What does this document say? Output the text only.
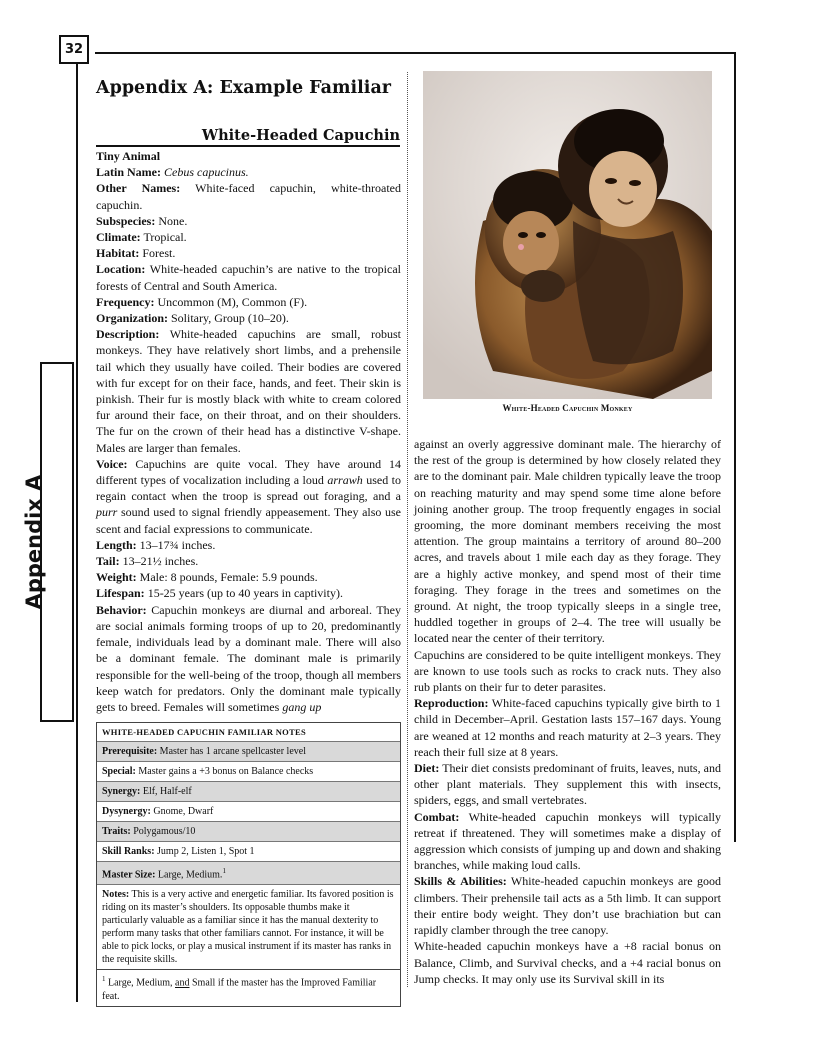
32
Appendix A
Appendix A: Example Familiar
White-Headed Capuchin

Tiny Animal

Latin Name: Cebus capucinus.

Other Names: White-faced capuchin, white-throated capuchin.

Subspecies: None.

Climate: Tropical.

Habitat: Forest.

Location: White-headed capuchin’s are native to the tropical forests of Central and South America.

Frequency: Uncommon (M), Common (F).

Organization: Solitary, Group (10–20).

Description: White-headed capuchins are small, robust monkeys. They have relatively short limbs, and a prehensile tail which they usually have coiled. Their bodies are covered with fur except for on their face, hands, and feet. Their skin is pinkish. Their fur is mostly black with white to cream colored fur around their face, on their throat, and on their shoulders. The fur on the crown of their head has a distinctive V-shape. Males are larger than females.

Voice: Capuchins are quite vocal. They have around 14 different types of vocalization including a loud arrawh used to regain contact when the troop is spread out foraging, and a purr sound used to signal friendly appeasement. They also use scent and facial expressions to communicate.

Length: 13–17¾ inches.

Tail: 13–21½ inches.

Weight: Male: 8 pounds, Female: 5.9 pounds.

Lifespan: 15-25 years (up to 40 years in captivity).

Behavior: Capuchin monkeys are diurnal and arboreal. They are social animals forming troops of up to 20, predominantly female, individuals lead by a dominant male. There will also be a dominant female. The dominant male is primarily responsible for the well-being of the troop, though all members keep watch for predators. Only the dominant male typically gets to breed. Females will sometimes gang up

WHITE-HEADED CAPUCHIN FAMILIAR NOTES
Prerequisite: Master has 1 arcane spellcaster level
Special: Master gains a +3 bonus on Balance checks
Synergy: Elf, Half-elf
Dysynergy: Gnome, Dwarf
Traits: Polygamous/10
Skill Ranks: Jump 2, Listen 1, Spot 1
Master Size: Large, Medium.$^1$
Notes: This is a very active and energetic familiar. Its favored position is riding on its master’s shoulders. Its opposable thumbs make it particularly valuable as a familiar since it has the manual dexterity to perform many tasks that other familiars cannot. For instance, it will be able to pick locks, or play a musical instrument if its master has ranks in the requisite skills.
$^1$ Large, Medium, and Small if the master has the Improved Familiar feat.
White-Headed Capuchin Monkey

against an overly aggressive dominant male. The hierarchy of the rest of the group is determined by how closely related they are to the dominant pair. Male children typically leave the troop on reaching maturity and may spend some time alone before joining another group. The troop frequently engages in social grooming, the more dominant members receiving the most attention. The group maintains a territory of around 80–200 acres, and travels about 1 mile each day as they forage. They are a highly active monkey, and spend most of their time foraging. They forage in the trees and sometimes on the ground. At night, the troop typically sleeps in a single tree, huddled together in groups of 2–4. The tree will usually be located near the center of their territory.

Capuchins are considered to be quite intelligent monkeys. They are known to use tools such as rocks to crack nuts. They also rub plants on their fur to deter parasites.

Reproduction: White-faced capuchins typically give birth to 1 child in December–April. Gestation lasts 157–167 days. Young are weaned at 12 months and reach maturity at 2–3 years. They reach their full size at 8 years.

Diet: Their diet consists predominant of fruits, leaves, nuts, and other plant materials. They supplement this with insects, spiders, eggs, and small vertebrates.

Combat: White-headed capuchin monkeys will typically retreat if threatened. They will sometimes make a display of aggression which consists of jumping up and down and shaking branches, while making loud calls.

Skills & Abilities: White-headed capuchin monkeys are good climbers. Their prehensile tail acts as a 5th limb. It can support their entire body weight. They don’t use brachiation but can rapidly clamber through the tree canopy.

White-headed capuchin monkeys have a +8 racial bonus on Balance, Climb, and Survival checks, and a +4 racial bonus on Jump checks. It may only use its Survival skill in its
